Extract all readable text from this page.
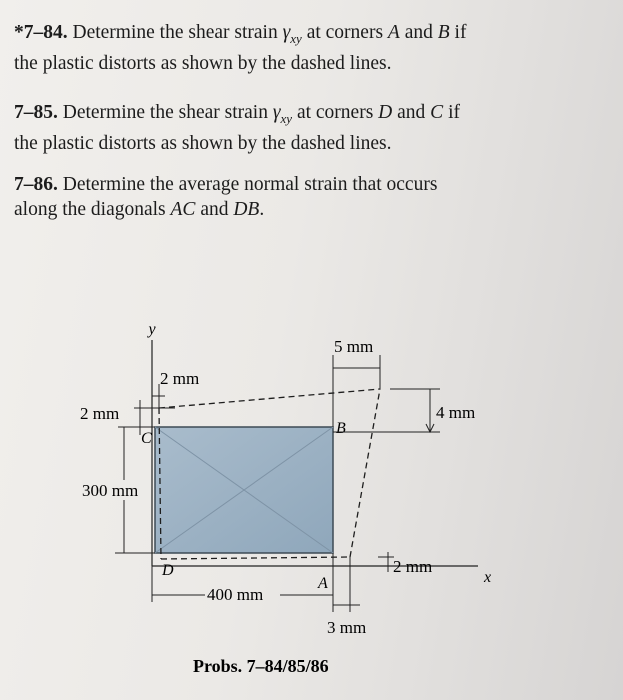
*7–84. Determine the shear strain $\gamma_{xy}$ at corners A and B if
the plastic distorts as shown by the dashed lines.
7–85. Determine the shear strain $\gamma_{xy}$ at corners D and C if
the plastic distorts as shown by the dashed lines.
7–86. Determine the average normal strain that occurs
along the diagonals AC and DB.
y
x
2 mm
2 mm
C
300 mm
D
A
B
400 mm
3 mm
5 mm
4 mm
2 mm
Probs. 7–84/85/86
